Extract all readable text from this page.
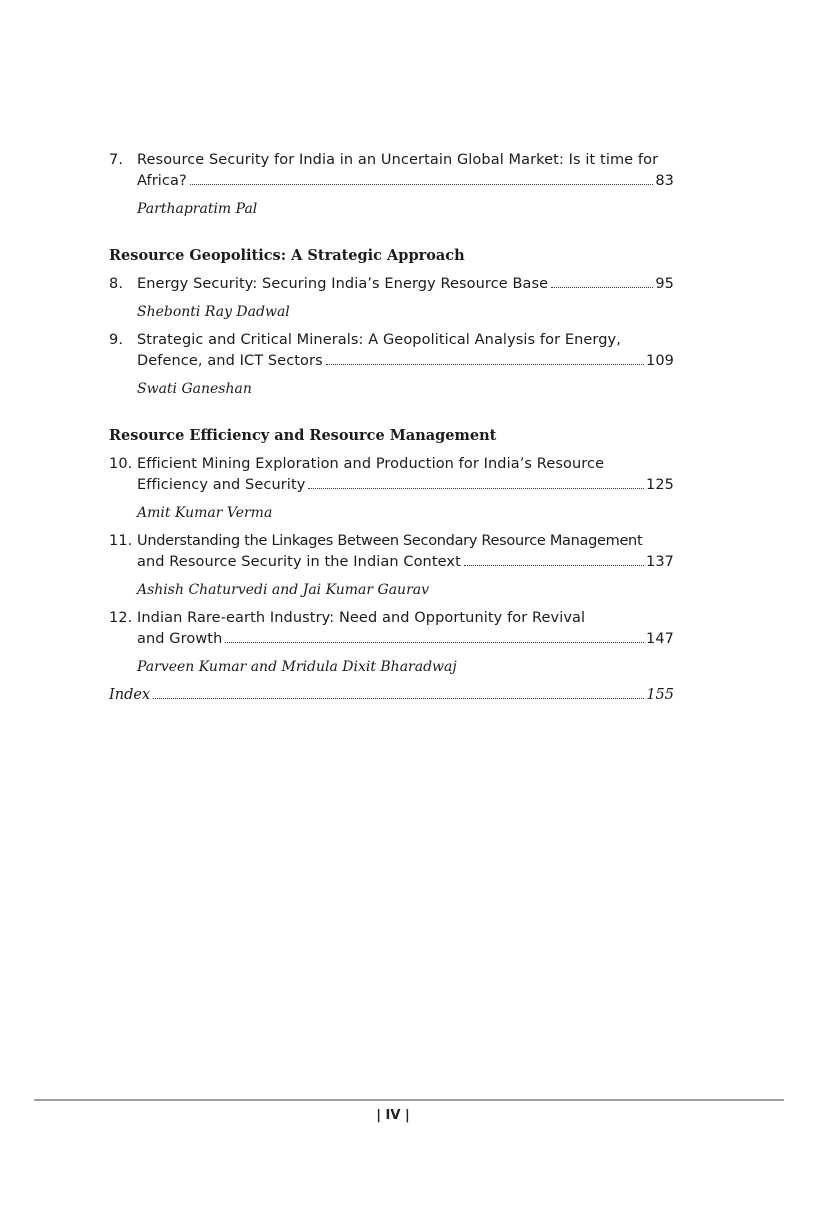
7. Resource Security for India in an Uncertain Global Market: Is it time for
Africa?	83
Parthapratim Pal
Resource Geopolitics: A Strategic Approach
8. Energy Security: Securing India’s Energy Resource Base	95
Shebonti Ray Dadwal
9. Strategic and Critical Minerals: A Geopolitical Analysis for Energy,
Defence, and ICT Sectors	109
Swati Ganeshan
Resource Efficiency and Resource Management
10. Efficient Mining Exploration and Production for India’s Resource
Efficiency and Security	125
Amit Kumar Verma
11. Understanding the Linkages Between Secondary Resource Management
and Resource Security in the Indian Context	137
Ashish Chaturvedi and Jai Kumar Gaurav
12. Indian Rare-earth Industry: Need and Opportunity for Revival
and Growth	147
Parveen Kumar and Mridula Dixit Bharadwaj
Index	155
| IV |
